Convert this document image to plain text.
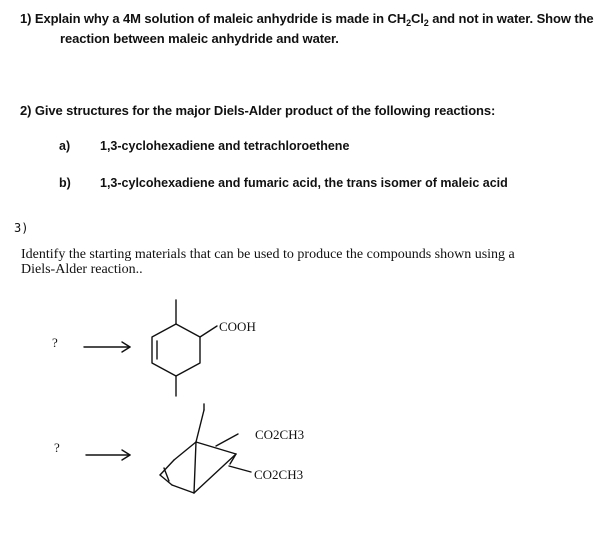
1) Explain why a 4M solution of maleic anhydride is made in $CH_2Cl_2$ and not in water. Show the
reaction between maleic anhydride and water.
2) Give structures for the major Diels-Alder product of the following reactions:
a) 1,3-cyclohexadiene and tetrachloroethene
b) 1,3-cylcohexadiene and fumaric acid, the trans isomer of maleic acid
3)
Identify the starting materials that can be used to produce the compounds shown using a
Diels-Alder reaction..
?
COOH
?
CO2CH3
CO2CH3
